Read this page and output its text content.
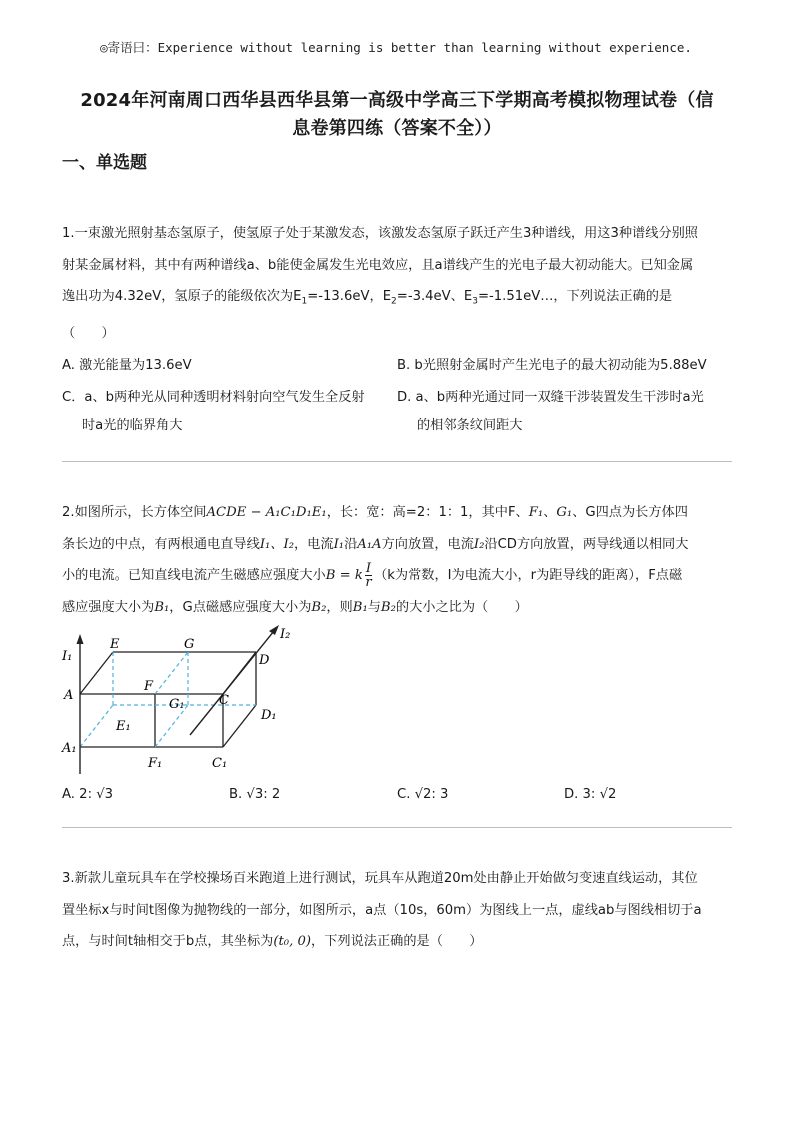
◎寄语曰：Experience without learning is better than learning without experience.
2024年河南周口西华县西华县第一高级中学高三下学期高考模拟物理试卷（信
息卷第四练（答案不全））
一、单选题
1.一束激光照射基态氢原子，使氢原子处于某激发态，该激发态氢原子跃迁产生3种谱线，用这3种谱线分别照
射某金属材料，其中有两种谱线a、b能使金属发生光电效应，且a谱线产生的光电子最大初动能大。已知金属
逸出功为4.32eV，氢原子的能级依次为$E_1=-13.6eV$，$E_2=-3.4eV$、$E_3=-1.51eV\dots$，下列说法正确的是
（　　）
A. 激光能量为13.6eV	B. b光照射金属时产生光电子的最大初动能为5.88eV
C．a、b两种光从同种透明材料射向空气发生全反射
时a光的临界角大
D. a、b两种光通过同一双缝干涉装置发生干涉时a光
的相邻条纹间距大
2.如图所示，长方体空间ACDE − A₁C₁D₁E₁，长：宽：高=2：1：1，其中F、F₁、G₁、G四点为长方体四
条长边的中点，有两根通电直导线I₁、I₂，电流I₁沿A₁A方向放置，电流I₂沿CD方向放置，两导线通以相同大
小的电流。已知直线电流产生磁感应强度大小B = k $\frac{I}{r} (k$为常数，I为电流大小，r为距导线的距离），F点磁
感应强度大小为B₁，G点磁感应强度大小为B₂，则B₁与B₂的大小之比为（　　）
I₁
I₂
E	G
D
A
F
G₁	C
E₁
D₁
A₁
F₁	C₁
A. 2: √3	B. √3: 2	C. √2: 3	D. 3: √2
3.新款儿童玩具车在学校操场百米跑道上进行测试，玩具车从跑道20m处由静止开始做匀变速直线运动，其位
置坐标x与时间t图像为抛物线的一部分，如图所示，a点（10s，60m）为图线上一点，虚线ab与图线相切于a
点，与时间t轴相交于b点，其坐标为(t₀, 0)，下列说法正确的是（　　）
